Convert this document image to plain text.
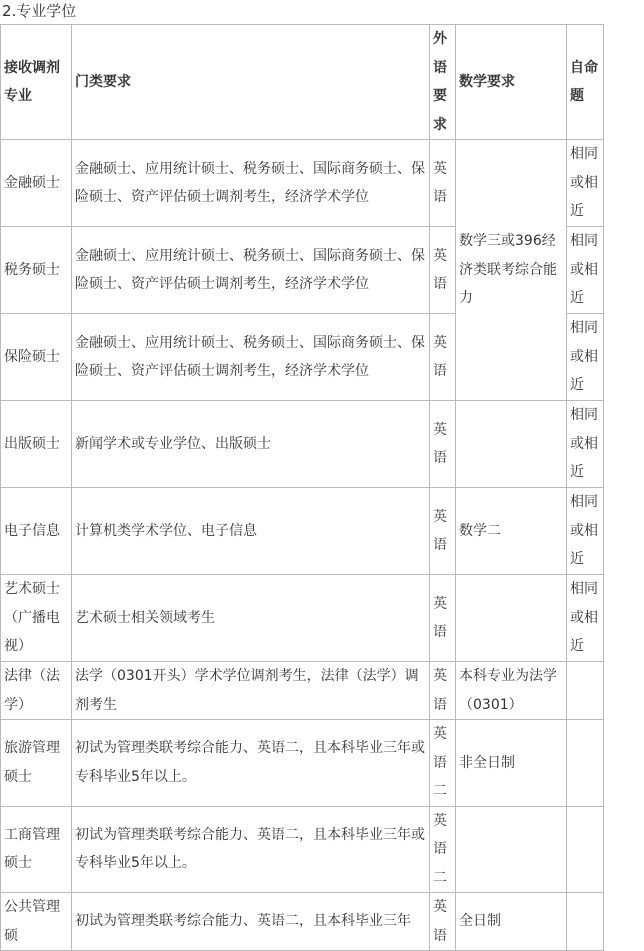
2.专业学位
接收调剂专业	门类要求	外语要求	数学要求	自命题
金融硕士	金融硕士、应用统计硕士、税务硕士、国际商务硕士、保险硕士、资产评估硕士调剂考生，经济学术学位	英语	数学三或396经济类联考综合能力	相同或相近
税务硕士	金融硕士、应用统计硕士、税务硕士、国际商务硕士、保险硕士、资产评估硕士调剂考生，经济学术学位	英语		相同或相近
保险硕士	金融硕士、应用统计硕士、税务硕士、国际商务硕士、保险硕士、资产评估硕士调剂考生，经济学术学位	英语		相同或相近
出版硕士	新闻学术或专业学位、出版硕士	英语		相同或相近
电子信息	计算机类学术学位、电子信息	英语	数学二	相同或相近
艺术硕士（广播电视）	艺术硕士相关领域考生	英语		相同或相近
法律（法学）	法学（0301开头）学术学位调剂考生，法律（法学）调剂考生	英语	本科专业为法学（0301）	
旅游管理硕士	初试为管理类联考综合能力、英语二，且本科毕业三年或专科毕业5年以上。	英语二	非全日制	
工商管理硕士	初试为管理类联考综合能力、英语二，且本科毕业三年或专科毕业5年以上。	英语二		
公共管理硕	初试为管理类联考综合能力、英语二，且本科毕业三年	英语	全日制	
